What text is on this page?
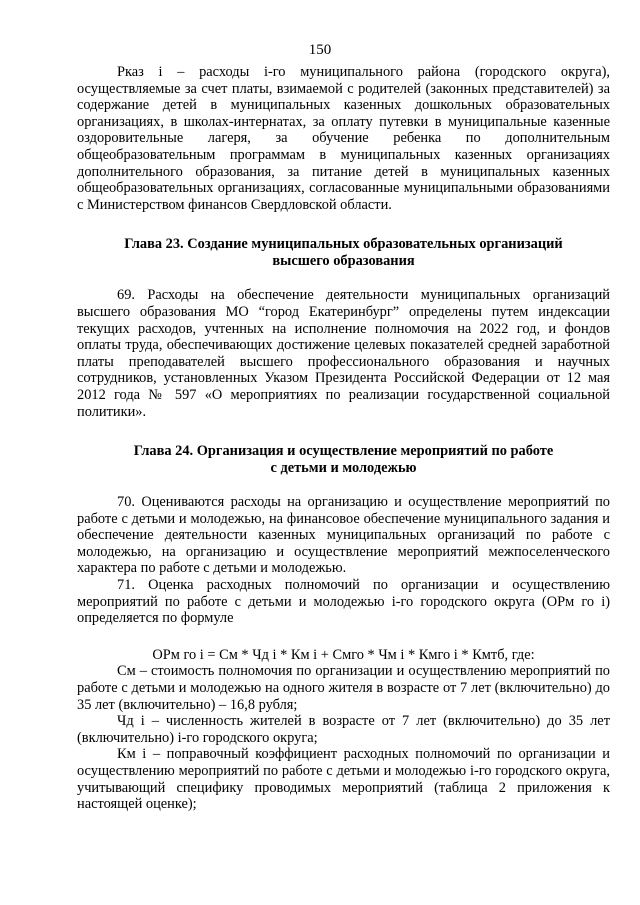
150

Рказ i – расходы i-го муниципального района (городского округа), осуществляемые за счет платы, взимаемой с родителей (законных представителей) за содержание детей в муниципальных казенных дошкольных образовательных организациях, в школах-интернатах, за оплату путевки в муниципальные казенные оздоровительные лагеря, за обучение ребенка по дополнительным общеобразовательным программам в муниципальных казенных организациях дополнительного образования, за питание детей в муниципальных казенных общеобразовательных организациях, согласованные муниципальными образованиями с Министерством финансов Свердловской области.

Глава 23. Создание муниципальных образовательных организаций
высшего образования

69. Расходы на обеспечение деятельности муниципальных организаций высшего образования МО “город Екатеринбург” определены путем индексации текущих расходов, учтенных на исполнение полномочия на 2022 год, и фондов оплаты труда, обеспечивающих достижение целевых показателей средней заработной платы преподавателей высшего профессионального образования и научных сотрудников, установленных Указом Президента Российской Федерации от 12 мая 2012 года № 597 «О мероприятиях по реализации государственной социальной политики».

Глава 24. Организация и осуществление мероприятий по работе
с детьми и молодежью

70. Оцениваются расходы на организацию и осуществление мероприятий по работе с детьми и молодежью, на финансовое обеспечение муниципального задания и обеспечение деятельности казенных муниципальных организаций по работе с молодежью, на организацию и осуществление мероприятий межпоселенческого характера по работе с детьми и молодежью.

71. Оценка расходных полномочий по организации и осуществлению мероприятий по работе с детьми и молодежью i-го городского округа (ОРм го i) определяется по формуле

ОРм го i = См * Чд i * Км i + Смго * Чм i * Кмго i * Кмтб, где:

См – стоимость полномочия по организации и осуществлению мероприятий по работе с детьми и молодежью на одного жителя в возрасте от 7 лет (включительно) до 35 лет (включительно) – 16,8 рубля;

Чд i – численность жителей в возрасте от 7 лет (включительно) до 35 лет (включительно) i-го городского округа;

Км i – поправочный коэффициент расходных полномочий по организации и осуществлению мероприятий по работе с детьми и молодежью i-го городского округа, учитывающий специфику проводимых мероприятий (таблица 2 приложения к настоящей оценке);
